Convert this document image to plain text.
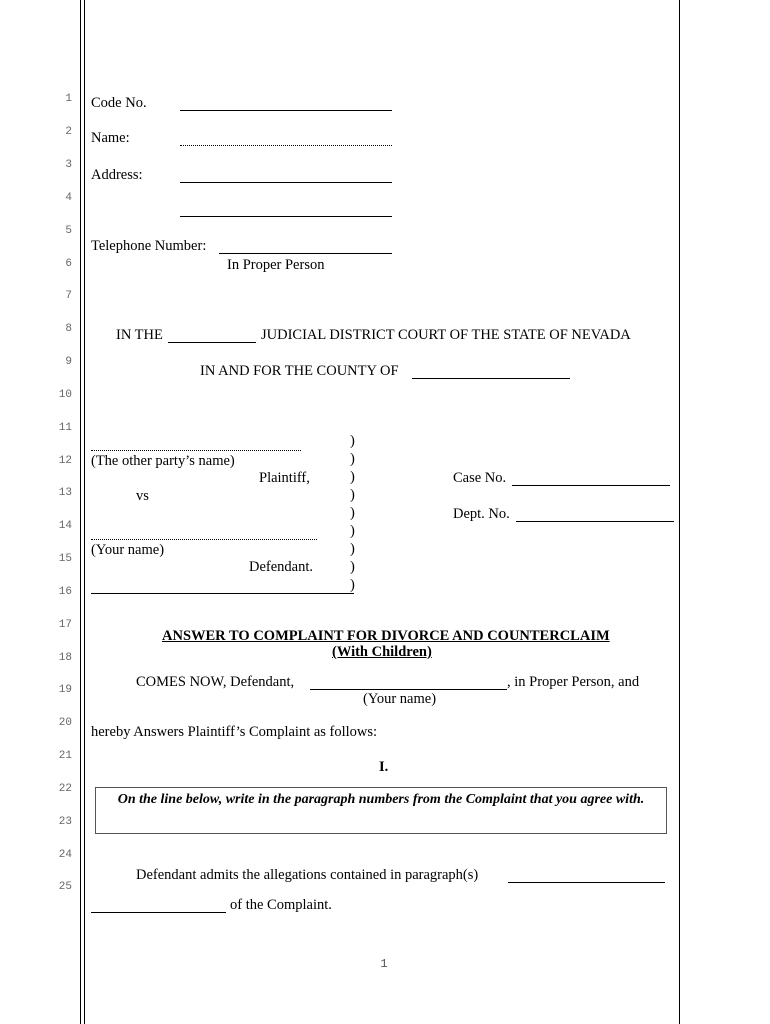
1
2
3
4
5
6
7
8
9
10
11
12
13
14
15
16
17
18
19
20
21
22
23
24
25
Code No.
Name:
Address:
Telephone Number:
In Proper Person
IN THE	JUDICIAL DISTRICT COURT OF THE STATE OF NEVADA
IN AND FOR THE COUNTY OF
(The other party’s name)
Plaintiff,
vs
(Your name)
Defendant.
)
)
)
)
)
)
)
)
)
Case No.
Dept. No.
ANSWER TO COMPLAINT FOR DIVORCE AND COUNTERCLAIM
(With Children)
COMES NOW, Defendant,	, in Proper Person, and
(Your name)
hereby Answers Plaintiff’s Complaint as follows:
I.
On the line below, write in the paragraph numbers from the Complaint that you agree with.
Defendant admits the allegations contained in paragraph(s)
of the Complaint.
1
